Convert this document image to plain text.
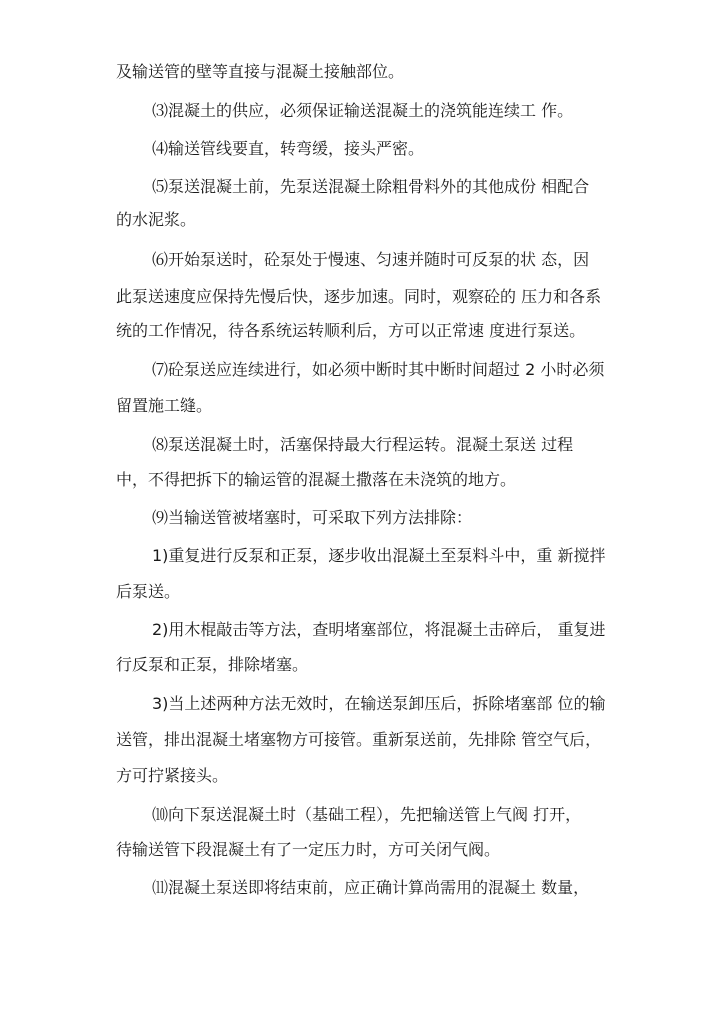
及输送管的壁等直接与混凝土接触部位。
⑶混凝土的供应，必须保证输送混凝土的浇筑能连续工 作。
⑷输送管线要直，转弯缓，接头严密。
⑸泵送混凝土前，先泵送混凝土除粗骨料外的其他成份 相配合
的水泥浆。
⑹开始泵送时，砼泵处于慢速、匀速并随时可反泵的状 态，因
此泵送速度应保持先慢后快，逐步加速。同时，观察砼的 压力和各系
统的工作情况，待各系统运转顺利后，方可以正常速 度进行泵送。
⑺砼泵送应连续进行，如必须中断时其中断时间超过 2 小时必须
留置施工缝。
⑻泵送混凝土时，活塞保持最大行程运转。混凝土泵送 过程
中，不得把拆下的输运管的混凝土撒落在未浇筑的地方。
⑼当输送管被堵塞时，可采取下列方法排除：
1)重复进行反泵和正泵，逐步收出混凝土至泵料斗中，重 新搅拌
后泵送。
2)用木棍敲击等方法，查明堵塞部位，将混凝土击碎后， 重复进
行反泵和正泵，排除堵塞。
3)当上述两种方法无效时，在输送泵卸压后，拆除堵塞部 位的输
送管，排出混凝土堵塞物方可接管。重新泵送前，先排除 管空气后，
方可拧紧接头。
⑽向下泵送混凝土时（基础工程），先把输送管上气阀 打开，
待输送管下段混凝土有了一定压力时，方可关闭气阀。
⑾混凝土泵送即将结束前，应正确计算尚需用的混凝土 数量，
